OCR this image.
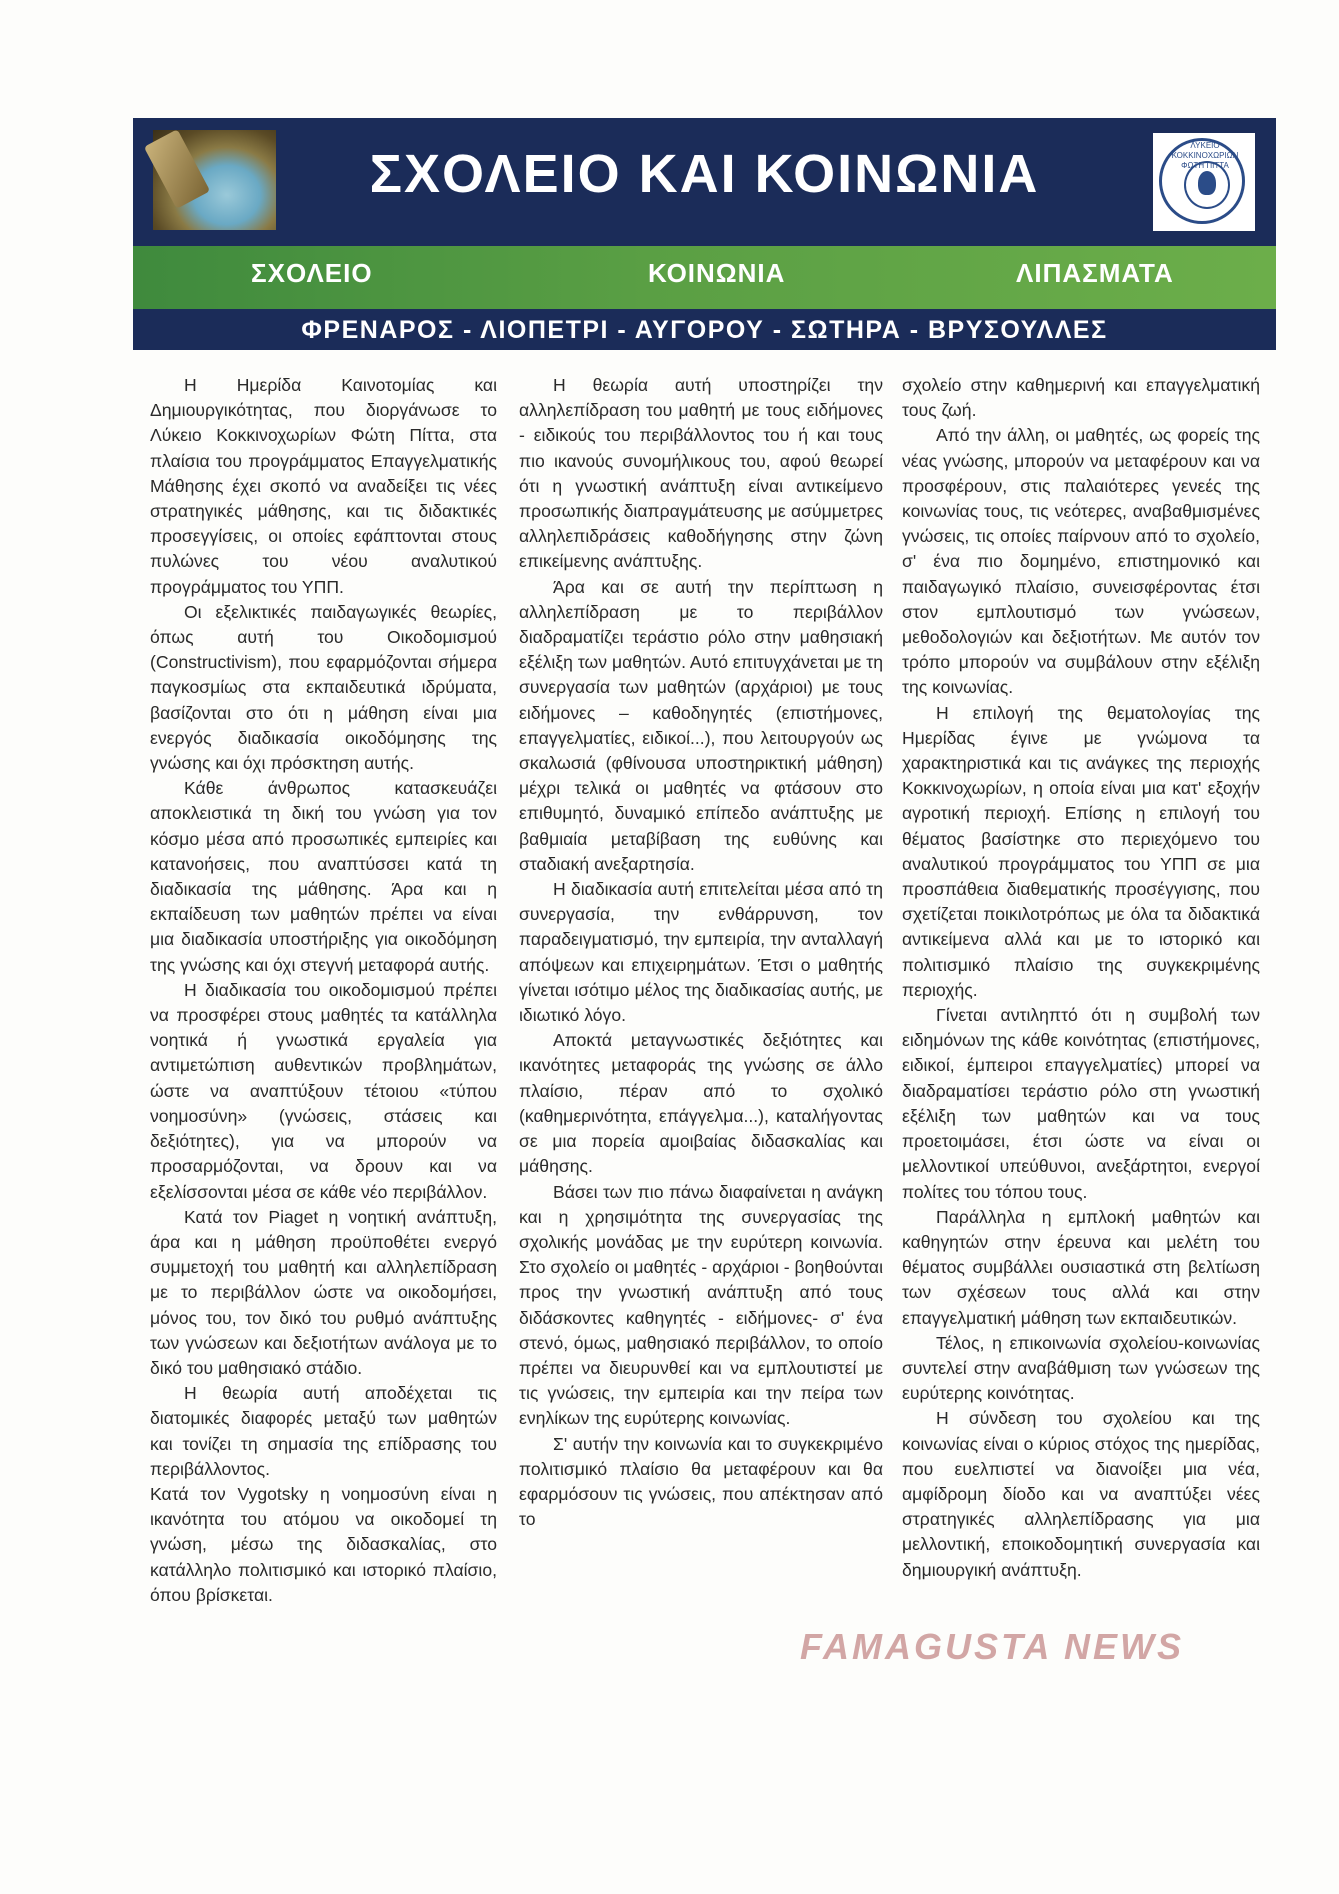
ΣΧΟΛΕΙΟ ΚΑΙ ΚΟΙΝΩΝΙΑ	ΛΥΚΕΙΟ ΚΟΚΚΙΝΟΧΩΡΙΩΝ ΦΩΤΗ ΠΙΤΤΑ
ΣΧΟΛΕΙΟ	ΚΟΙΝΩΝΙΑ	ΛΙΠΑΣΜΑΤΑ
ΦΡΕΝΑΡΟΣ - ΛΙΟΠΕΤΡΙ - ΑΥΓΟΡΟΥ - ΣΩΤΗΡΑ - ΒΡΥΣΟΥΛΛΕΣ

Η Ημερίδα Καινοτομίας και Δημιουργικότητας, που διοργάνωσε το Λύκειο Κοκκινοχωρίων Φώτη Πίττα, στα πλαίσια του προγράμματος Επαγγελματικής Μάθησης έχει σκοπό να αναδείξει τις νέες στρατηγικές μάθησης, και τις διδακτικές προσεγγίσεις, οι οποίες εφάπτονται στους πυλώνες του νέου αναλυτικού προγράμματος του ΥΠΠ.

Οι εξελικτικές παιδαγωγικές θεωρίες, όπως αυτή του Οικοδομισμού (Constructivism), που εφαρμόζονται σήμερα παγκοσμίως στα εκπαιδευτικά ιδρύματα, βασίζονται στο ότι η μάθηση είναι μια ενεργός διαδικασία οικοδόμησης της γνώσης και όχι πρόσκτηση αυτής.

Κάθε άνθρωπος κατασκευάζει αποκλειστικά τη δική του γνώση για τον κόσμο μέσα από προσωπικές εμπειρίες και κατανοήσεις, που αναπτύσσει κατά τη διαδικασία της μάθησης. Άρα και η εκπαίδευση των μαθητών πρέπει να είναι μια διαδικασία υποστήριξης για οικοδόμηση της γνώσης και όχι στεγνή μεταφορά αυτής.

Η διαδικασία του οικοδομισμού πρέπει να προσφέρει στους μαθητές τα κατάλληλα νοητικά ή γνωστικά εργαλεία για αντιμετώπιση αυθεντικών προβλημάτων, ώστε να αναπτύξουν τέτοιου «τύπου νοημοσύνη» (γνώσεις, στάσεις και δεξιότητες), για να μπορούν να προσαρμόζονται, να δρουν και να εξελίσσονται μέσα σε κάθε νέο περιβάλλον.

Κατά τον Piaget η νοητική ανάπτυξη, άρα και η μάθηση προϋποθέτει ενεργό συμμετοχή του μαθητή και αλληλεπίδραση με το περιβάλλον ώστε να οικοδομήσει, μόνος του, τον δικό του ρυθμό ανάπτυξης των γνώσεων και δεξιοτήτων ανάλογα με το δικό του μαθησιακό στάδιο.

Η θεωρία αυτή αποδέχεται τις διατομικές διαφορές μεταξύ των μαθητών και τονίζει τη σημασία της επίδρασης του περιβάλλοντος.

Κατά τον Vygotsky η νοημοσύνη είναι η ικανότητα του ατόμου να οικοδομεί τη γνώση, μέσω της διδασκαλίας, στο κατάλληλο πολιτισμικό και ιστορικό πλαίσιο, όπου βρίσκεται.

Η θεωρία αυτή υποστηρίζει την αλληλεπίδραση του μαθητή με τους ειδήμονες - ειδικούς του περιβάλλοντος του ή και τους πιο ικανούς συνομήλικους του, αφού θεωρεί ότι η γνωστική ανάπτυξη είναι αντικείμενο προσωπικής διαπραγμάτευσης με ασύμμετρες αλληλεπιδράσεις καθοδήγησης στην ζώνη επικείμενης ανάπτυξης.

Άρα και σε αυτή την περίπτωση η αλληλεπίδραση με το περιβάλλον διαδραματίζει τεράστιο ρόλο στην μαθησιακή εξέλιξη των μαθητών. Αυτό επιτυγχάνεται με τη συνεργασία των μαθητών (αρχάριοι) με τους ειδήμονες – καθοδηγητές (επιστήμονες, επαγγελματίες, ειδικοί...), που λειτουργούν ως σκαλωσιά (φθίνουσα υποστηρικτική μάθηση) μέχρι τελικά οι μαθητές να φτάσουν στο επιθυμητό, δυναμικό επίπεδο ανάπτυξης με βαθμιαία μεταβίβαση της ευθύνης και σταδιακή ανεξαρτησία.

Η διαδικασία αυτή επιτελείται μέσα από τη συνεργασία, την ενθάρρυνση, τον παραδειγματισμό, την εμπειρία, την ανταλλαγή απόψεων και επιχειρημάτων. Έτσι ο μαθητής γίνεται ισότιμο μέλος της διαδικασίας αυτής, με ιδιωτικό λόγο.

Αποκτά μεταγνωστικές δεξιότητες και ικανότητες μεταφοράς της γνώσης σε άλλο πλαίσιο, πέραν από το σχολικό (καθημερινότητα, επάγγελμα...), καταλήγοντας σε μια πορεία αμοιβαίας διδασκαλίας και μάθησης.

Βάσει των πιο πάνω διαφαίνεται η ανάγκη και η χρησιμότητα της συνεργασίας της σχολικής μονάδας με την ευρύτερη κοινωνία. Στο σχολείο οι μαθητές - αρχάριοι - βοηθούνται προς την γνωστική ανάπτυξη από τους διδάσκοντες καθηγητές - ειδήμονες- σ' ένα στενό, όμως, μαθησιακό περιβάλλον, το οποίο πρέπει να διευρυνθεί και να εμπλουτιστεί με τις γνώσεις, την εμπειρία και την πείρα των ενηλίκων της ευρύτερης κοινωνίας.

Σ' αυτήν την κοινωνία και το συγκεκριμένο πολιτισμικό πλαίσιο θα μεταφέρουν και θα εφαρμόσουν τις γνώσεις, που απέκτησαν από το

σχολείο στην καθημερινή και επαγγελματική τους ζωή.

Από την άλλη, οι μαθητές, ως φορείς της νέας γνώσης, μπορούν να μεταφέρουν και να προσφέρουν, στις παλαιότερες γενεές της κοινωνίας τους, τις νεότερες, αναβαθμισμένες γνώσεις, τις οποίες παίρνουν από το σχολείο, σ' ένα πιο δομημένο, επιστημονικό και παιδαγωγικό πλαίσιο, συνεισφέροντας έτσι στον εμπλουτισμό των γνώσεων, μεθοδολογιών και δεξιοτήτων. Με αυτόν τον τρόπο μπορούν να συμβάλουν στην εξέλιξη της κοινωνίας.

Η επιλογή της θεματολογίας της Ημερίδας έγινε με γνώμονα τα χαρακτηριστικά και τις ανάγκες της περιοχής Κοκκινοχωρίων, η οποία είναι μια κατ' εξοχήν αγροτική περιοχή. Επίσης η επιλογή του θέματος βασίστηκε στο περιεχόμενο του αναλυτικού προγράμματος του ΥΠΠ σε μια προσπάθεια διαθεματικής προσέγγισης, που σχετίζεται ποικιλοτρόπως με όλα τα διδακτικά αντικείμενα αλλά και με το ιστορικό και πολιτισμικό πλαίσιο της συγκεκριμένης περιοχής.

Γίνεται αντιληπτό ότι η συμβολή των ειδημόνων της κάθε κοινότητας (επιστήμονες, ειδικοί, έμπειροι επαγγελματίες) μπορεί να διαδραματίσει τεράστιο ρόλο στη γνωστική εξέλιξη των μαθητών και να τους προετοιμάσει, έτσι ώστε να είναι οι μελλοντικοί υπεύθυνοι, ανεξάρτητοι, ενεργοί πολίτες του τόπου τους.

Παράλληλα η εμπλοκή μαθητών και καθηγητών στην έρευνα και μελέτη του θέματος συμβάλλει ουσιαστικά στη βελτίωση των σχέσεων τους αλλά και στην επαγγελματική μάθηση των εκπαιδευτικών.

Τέλος, η επικοινωνία σχολείου-κοινωνίας συντελεί στην αναβάθμιση των γνώσεων της ευρύτερης κοινότητας.

Η σύνδεση του σχολείου και της κοινωνίας είναι ο κύριος στόχος της ημερίδας, που ευελπιστεί να διανοίξει μια νέα, αμφίδρομη δίοδο και να αναπτύξει νέες στρατηγικές αλληλεπίδρασης για μια μελλοντική, εποικοδομητική συνεργασία και δημιουργική ανάπτυξη.

FAMAGUSTA NEWS
